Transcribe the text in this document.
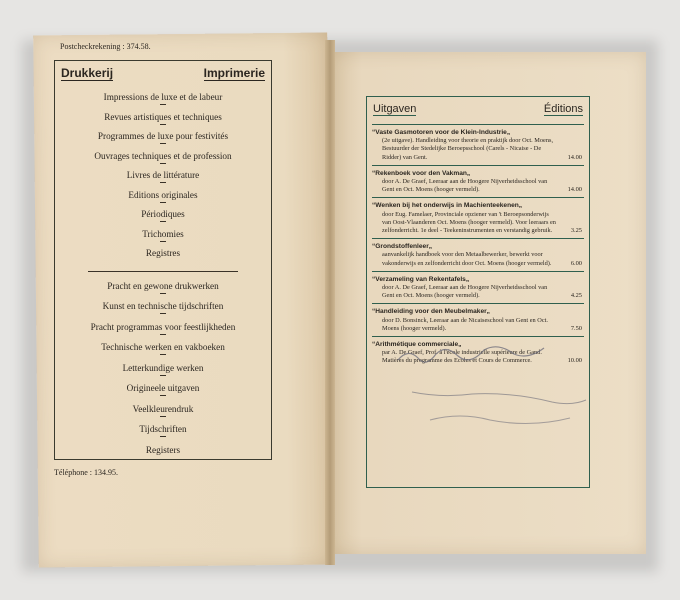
Postcheckrekening : 374.58.
Drukkerij	Imprimerie
Impressions de luxe et de labeur
Revues artistiques et techniques
Programmes de luxe pour festivités
Ouvrages techniques et de profession
Livres de littérature
Editions originales
Périodiques
Trichomies
Registres
Pracht en gewone drukwerken
Kunst en technische tijdschriften
Pracht programmas voor feestlijkheden
Technische werken en vakboeken
Letterkundige werken
Origineele uitgaven
Veelkleurendruk
Tijdschriften
Registers
Téléphone : 134.95.
Uitgaven	Éditions
“Vaste Gasmotoren voor de Klein-Industrie„
(2e uitgave). Handleiding voor theorie en praktijk door Oct. Moens, Bestuurder der Stedelijke Beroepsschool (Carels - Nicaise - De Ridder) van Gent.	14.00
“Rekenboek voor den Vakman„
door A. De Graef, Leeraar aan de Hoogere Nijverheidsschool van Gent en Oct. Moens (hooger vermeld).	14.00
“Wenken bij het onderwijs in Machienteekenen„
door Eug. Famelaer, Provinciale opziener van 't Beroepsonderwijs van Oost-Vlaanderen Oct. Moens (hooger vermeld). Voor leeraars en zelfonderricht. 1e deel - Teekeninstrumenten en verstandig gebruik.	3.25
“Grondstoffenleer„
aanvankelijk handboek voor den Metaalbewerker, bewerkt voor vakonderwijs en zelfonderricht door Oct. Moens (hooger vermeld).	6.00
“Verzameling van Rekentafels„
door A. De Graef, Leeraar aan de Hoogere Nijverheidsschool van Gent en Oct. Moens (hooger vermeld).	4.25
“Handleiding voor den Meubelmaker„
door D. Bonsinck, Leeraar aan de Nicaiseschool van Gent en Oct. Moens (hooger vermeld).	7.50
“Arithmétique commerciale„
par A. De Graef, Prof. à l'école industrielle supérieure de Gand. Matières du programme des Ecoles et Cours de Commerce.	10.00
